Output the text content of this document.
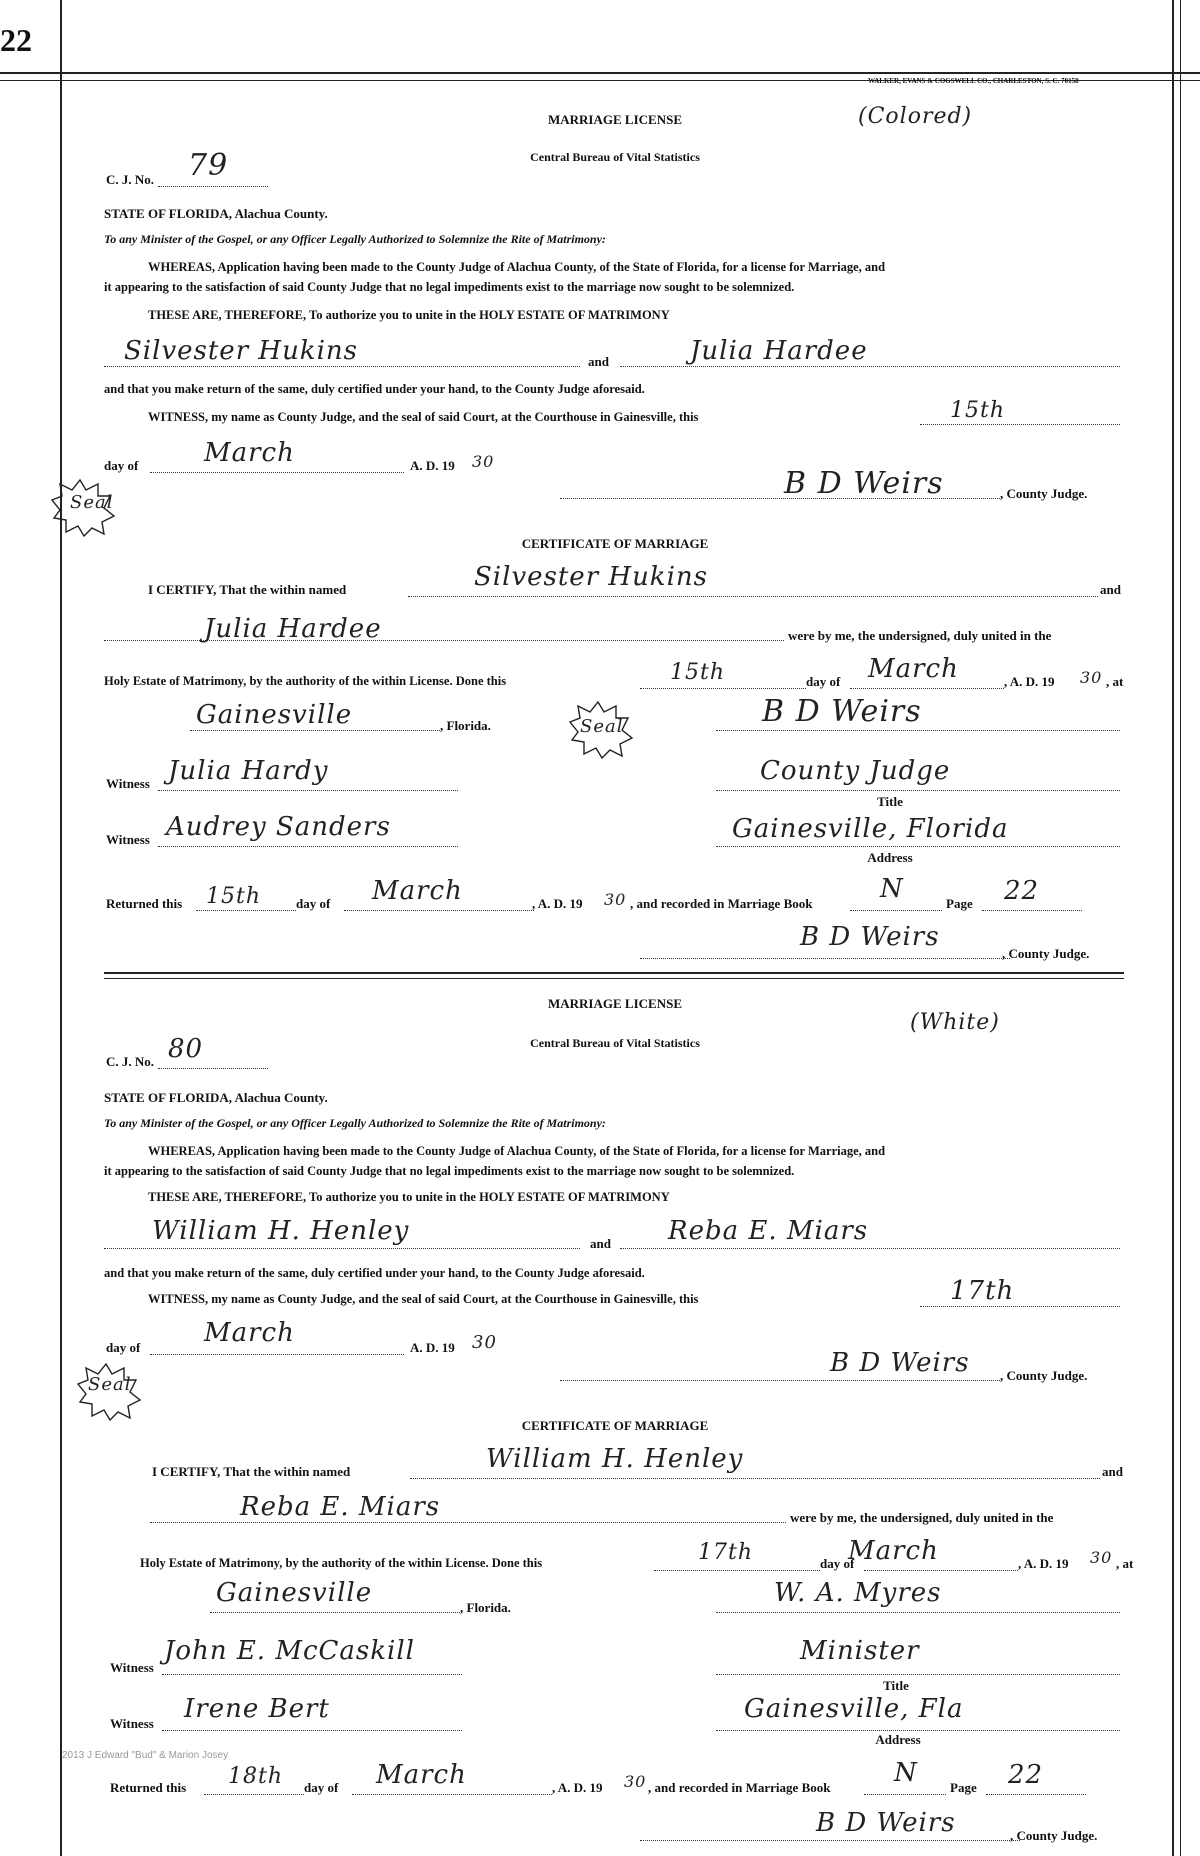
22
WALKER, EVANS & COGSWELL CO., CHARLESTON, S. C. 70158
MARRIAGE LICENSE	(Colored)
Central Bureau of Vital Statistics
C. J. No. 79
STATE OF FLORIDA, Alachua County.
To any Minister of the Gospel, or any Officer Legally Authorized to Solemnize the Rite of Matrimony:
WHEREAS, Application having been made to the County Judge of Alachua County, of the State of Florida, for a license for Marriage, and
it appearing to the satisfaction of said County Judge that no legal impediments exist to the marriage now sought to be solemnized.
THESE ARE, THEREFORE, To authorize you to unite in the HOLY ESTATE OF MATRIMONY
Silvester Hukins	and	Julia Hardee
and that you make return of the same, duly certified under your hand, to the County Judge aforesaid.
WITNESS, my name as County Judge, and the seal of said Court, at the Courthouse in Gainesville, this	15th
day of	March	A. D. 19 30
B D Weirs	, County Judge.
Seal
CERTIFICATE OF MARRIAGE
I CERTIFY, That the within named	Silvester Hukins	and
Julia Hardee	were by me, the undersigned, duly united in the
Holy Estate of Matrimony, by the authority of the within License. Done this	15th	day of March	, A. D. 19 30 , at
Gainesville	, Florida.	Seal	B D Weirs
Witness Julia Hardy	County Judge
Title
Witness Audrey Sanders	Gainesville, Florida
Address
Returned this 15th	day of March	, A. D. 19 30 , and recorded in Marriage Book	N	Page 22
B D Weirs
, County Judge.
MARRIAGE LICENSE
(White)
Central Bureau of Vital Statistics
C. J. No. 80
STATE OF FLORIDA, Alachua County.
To any Minister of the Gospel, or any Officer Legally Authorized to Solemnize the Rite of Matrimony:
WHEREAS, Application having been made to the County Judge of Alachua County, of the State of Florida, for a license for Marriage, and
it appearing to the satisfaction of said County Judge that no legal impediments exist to the marriage now sought to be solemnized.
THESE ARE, THEREFORE, To authorize you to unite in the HOLY ESTATE OF MATRIMONY
William H. Henley	and Reba E. Miars
and that you make return of the same, duly certified under your hand, to the County Judge aforesaid.
WITNESS, my name as County Judge, and the seal of said Court, at the Courthouse in Gainesville, this	17th
day of March	A. D. 19 30
B D Weirs , County Judge.
Seal
CERTIFICATE OF MARRIAGE
I CERTIFY, That the within named	William H. Henley	and
Reba E. Miars	were by me, the undersigned, duly united in the
Holy Estate of Matrimony, by the authority of the within License. Done this	17th	day of
March	, A. D. 19 30 , at
Gainesville	, Florida.	W. A. Myres
Witness
John E. McCaskill	Minister
Title
Witness Irene Bert	Gainesville, Fla
Address
2013 J Edward "Bud" & Marion Josey
Returned this 18th day of March	, A. D. 19 30 , and recorded in Marriage Book N Page 22
B D Weirs	, County Judge.
